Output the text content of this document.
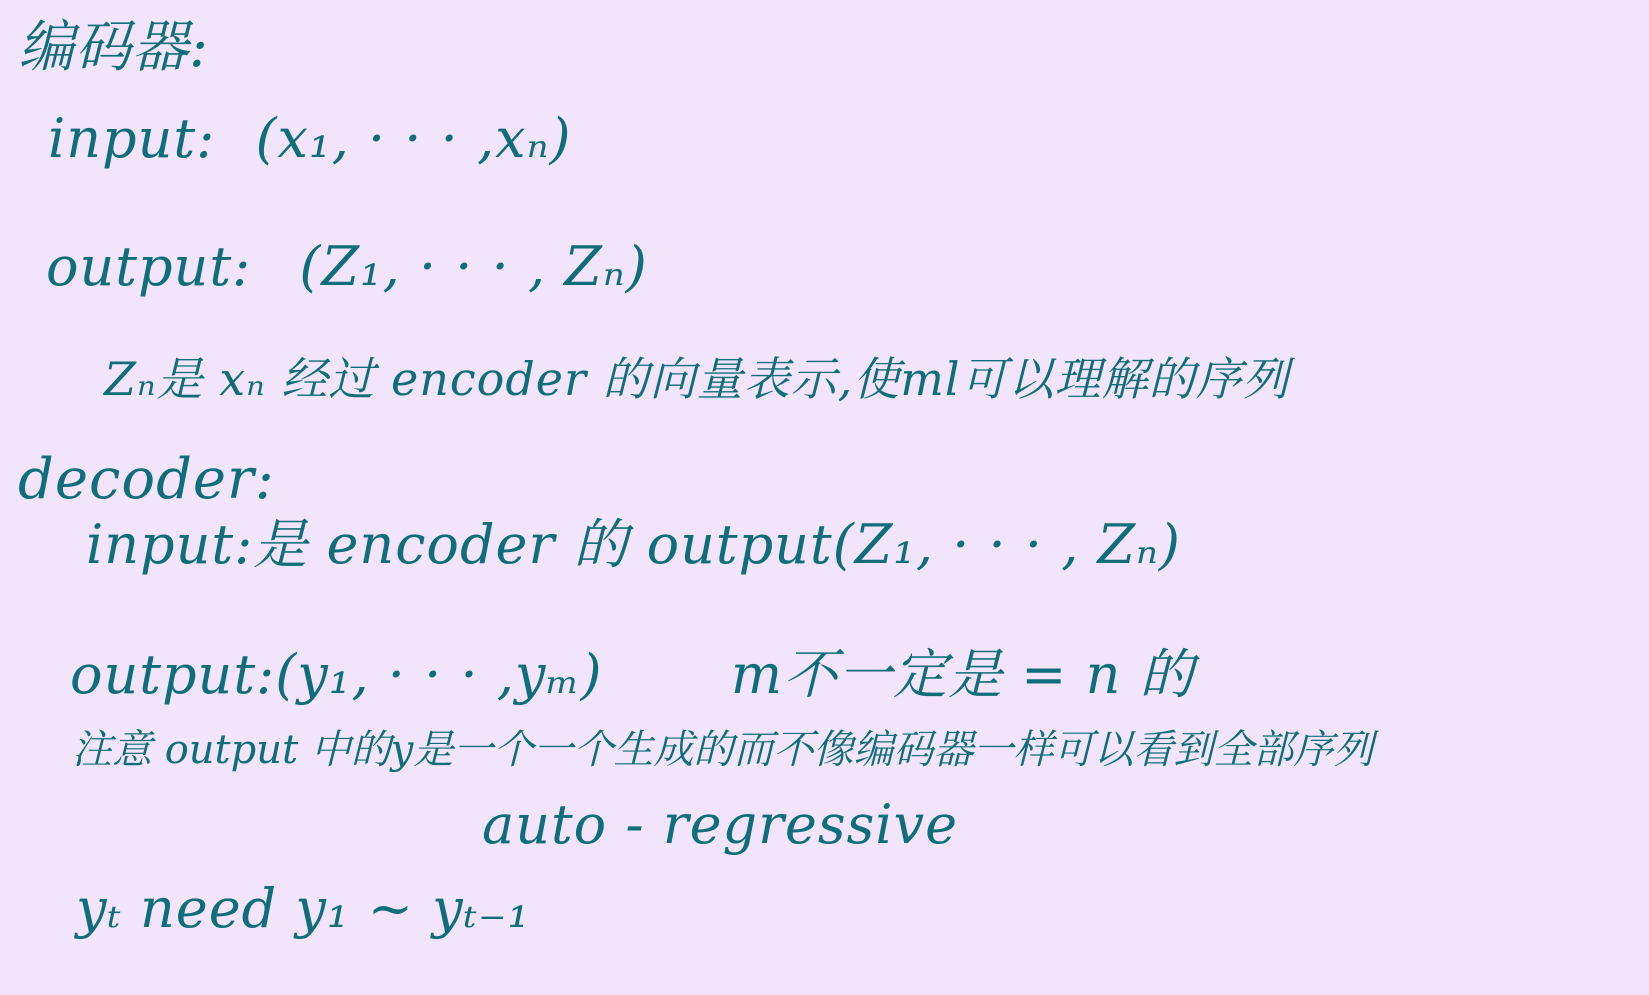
编码器:
input: (x₁, · · · ,xₙ)
output: (Z₁, · · · , Zₙ)
Zₙ是 xₙ 经过 encoder 的向量表示,使ml可以理解的序列
decoder:
input:是 encoder 的 output(Z₁, · · · , Zₙ)
output:(y₁, · · · ,yₘ) m不一定是 = n 的
注意 output 中的y是一个一个生成的而不像编码器一样可以看到全部序列
auto - regressive
yₜ need y₁ ~ yₜ₋₁
